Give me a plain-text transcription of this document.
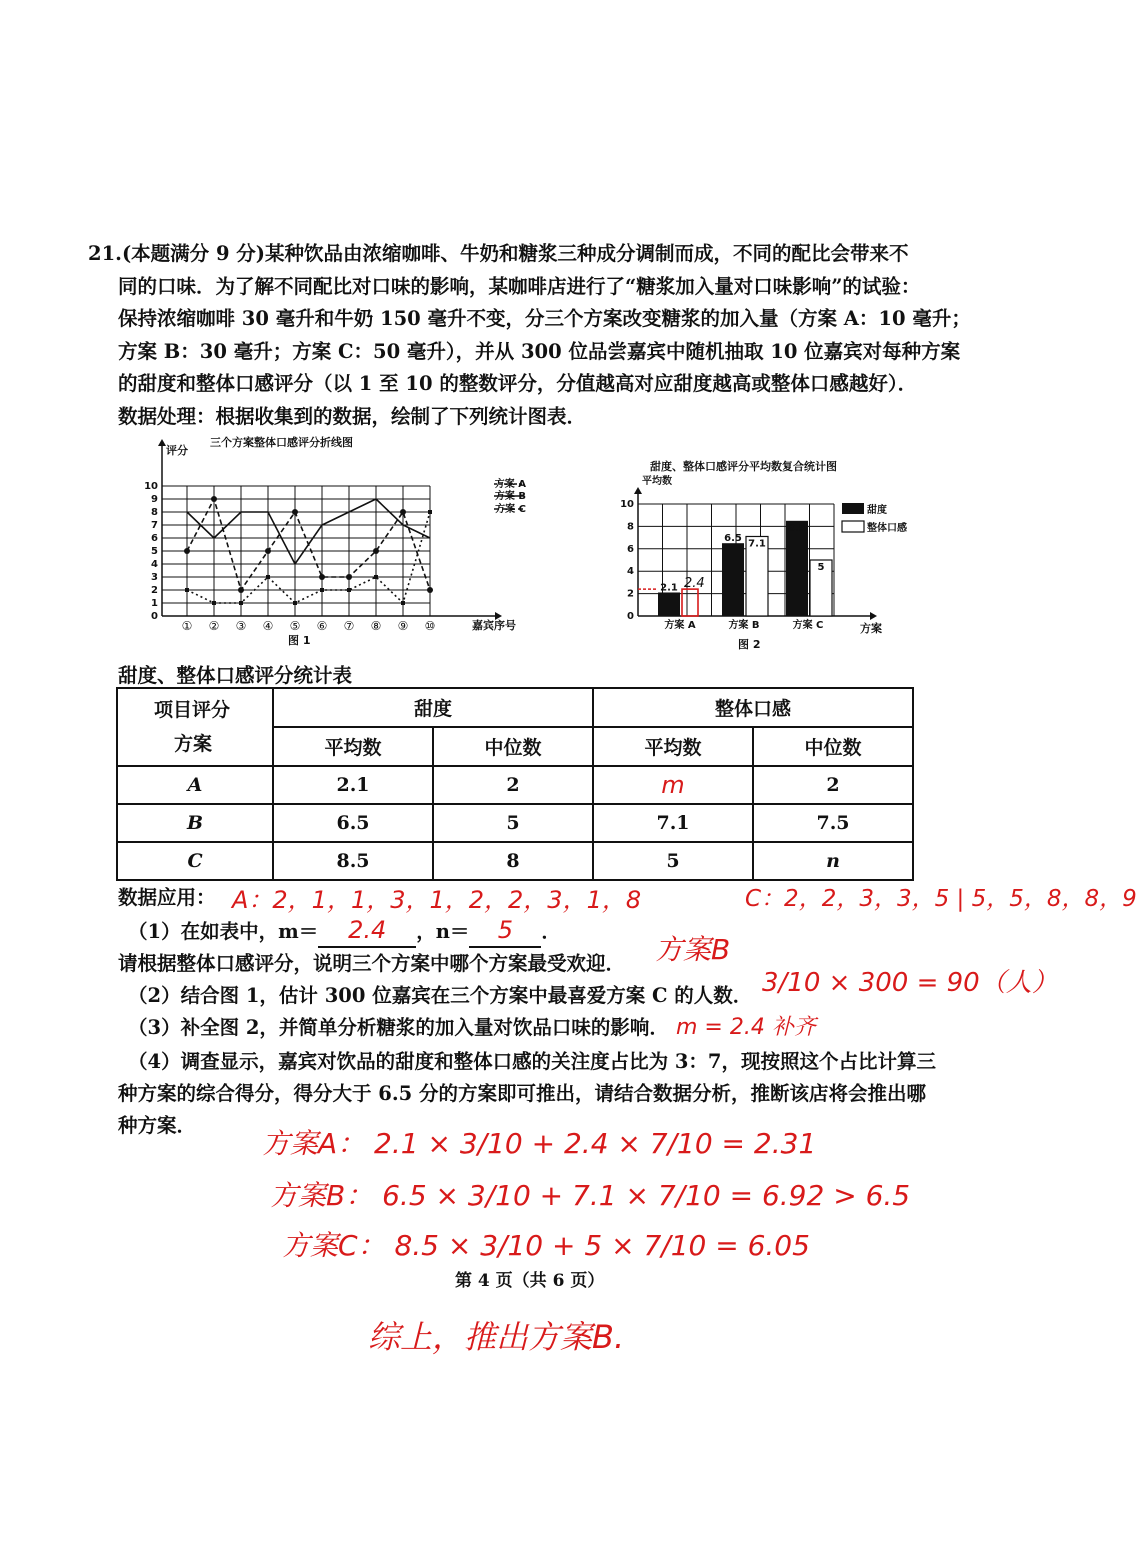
21.(本题满分 9 分)某种饮品由浓缩咖啡、牛奶和糖浆三种成分调制而成，不同的配比会带来不

同的口味．为了解不同配比对口味的影响，某咖啡店进行了“糖浆加入量对口味影响”的试验：

保持浓缩咖啡 30 毫升和牛奶 150 毫升不变，分三个方案改变糖浆的加入量（方案 A：10 毫升；

方案 B：30 毫升；方案 C：50 毫升），并从 300 位品尝嘉宾中随机抽取 10 位嘉宾对每种方案

的甜度和整体口感评分（以 1 至 10 的整数评分，分值越高对应甜度越高或整体口感越好）．

数据处理：根据收集到的数据，绘制了下列统计图表．

三个方案整体口感评分折线图
评分
嘉宾序号
图 1
0
1
2
3
4
5
6
7
8
9
10
① ② ③ ④ ⑤ ⑥ ⑦ ⑧ ⑨ ⑩
方案 A
方案 B
方案 C
甜度、整体口感评分平均数复合统计图
平均数
方案
图 2
0
2
4
6
8
10
2.4
2.1
方案 A
6.5 7.1
方案 B
8.5
5
方案 C
甜度
整体口感
甜度、整体口感评分统计表
项目评分
方案	甜度		整体口感	
	平均数	中位数	平均数	中位数
A	2.1	2	m	2
B	6.5	5	7.1	7.5
C	8.5	8	5	n
数据应用：
（1）在如表中，m＝ 2.4 ，n＝ 5 ．
请根据整体口感评分，说明三个方案中哪个方案最受欢迎．
（2）结合图 1，估计 300 位嘉宾在三个方案中最喜爱方案 C 的人数．
（3）补全图 2，并简单分析糖浆的加入量对饮品口味的影响．
（4）调查显示，嘉宾对饮品的甜度和整体口感的关注度占比为 3：7，现按照这个占比计算三
种方案的综合得分，得分大于 6.5 分的方案即可推出，请结合数据分析，推断该店将会推出哪
种方案．
A：2，1，1，3，1，2，2，3，1，8	C：2，2，3，3，5 | 5，5，8，8，9
方案B
3/10 × 300 = 90（人）
m = 2.4 补齐
方案A： 2.1 × 3/10 + 2.4 × 7/10 = 2.31
方案B： 6.5 × 3/10 + 7.1 × 7/10 = 6.92 > 6.5
方案C： 8.5 × 3/10 + 5 × 7/10 = 6.05
综上，推出方案B.
第 4 页（共 6 页）
